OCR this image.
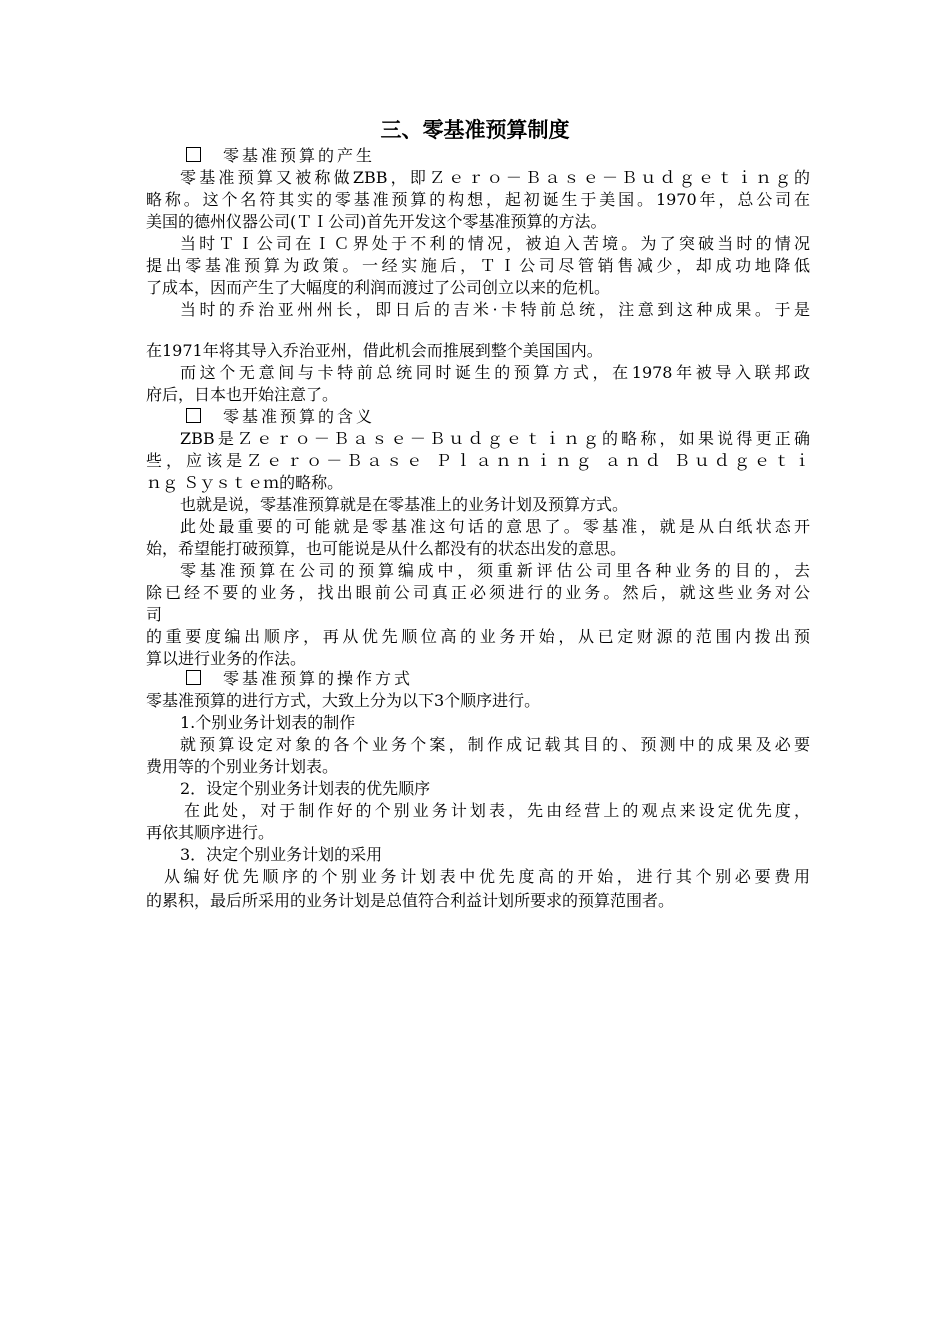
三、零基准预算制度
零基准预算的产生
零基准预算又被称做ZBB，即Ｚｅｒｏ－Ｂａｓｅ－Ｂｕｄｇｅｔｉｎｇ的
略称。这个名符其实的零基准预算的构想，起初诞生于美国。1970年，总公司在
美国的德州仪器公司(ＴＩ公司)首先开发这个零基准预算的方法。
当时ＴＩ公司在ＩＣ界处于不利的情况，被迫入苦境。为了突破当时的情况
提出零基准预算为政策。一经实施后，ＴＩ公司尽管销售减少，却成功地降低
了成本，因而产生了大幅度的利润而渡过了公司创立以来的危机。
当时的乔治亚州州长，即日后的吉米·卡特前总统，注意到这种成果。于是
在1971年将其导入乔治亚州，借此机会而推展到整个美国国内。
而这个无意间与卡特前总统同时诞生的预算方式，在1978年被导入联邦政
府后，日本也开始注意了。
零基准预算的含义
ZBB是Ｚｅｒｏ－Ｂａｓｅ－Ｂｕｄｇｅｔｉｎｇ的略称，如果说得更正确
些，应该是Ｚｅｒｏ－Ｂａｓｅ Ｐｌａｎｎｉｎｇ ａｎｄ Ｂｕｄｇｅｔｉ
ｎｇ Ｓｙｓｔｅｍ的略称。
也就是说，零基准预算就是在零基准上的业务计划及预算方式。
此处最重要的可能就是零基准这句话的意思了。零基准，就是从白纸状态开
始，希望能打破预算，也可能说是从什么都没有的状态出发的意思。
零基准预算在公司的预算编成中，须重新评估公司里各种业务的目的，去
除已经不要的业务，找出眼前公司真正必须进行的业务。然后，就这些业务对公
司
的重要度编出顺序，再从优先顺位高的业务开始，从已定财源的范围内拨出预
算以进行业务的作法。
零基准预算的操作方式
零基准预算的进行方式，大致上分为以下3个顺序进行。
1.个别业务计划表的制作
就预算设定对象的各个业务个案，制作成记载其目的、预测中的成果及必要
费用等的个别业务计划表。
2．设定个别业务计划表的优先顺序
在此处，对于制作好的个别业务计划表，先由经营上的观点来设定优先度，
再依其顺序进行。
3．决定个别业务计划的采用
从编好优先顺序的个别业务计划表中优先度高的开始，进行其个别必要费用
的累积，最后所采用的业务计划是总值符合利益计划所要求的预算范围者。
